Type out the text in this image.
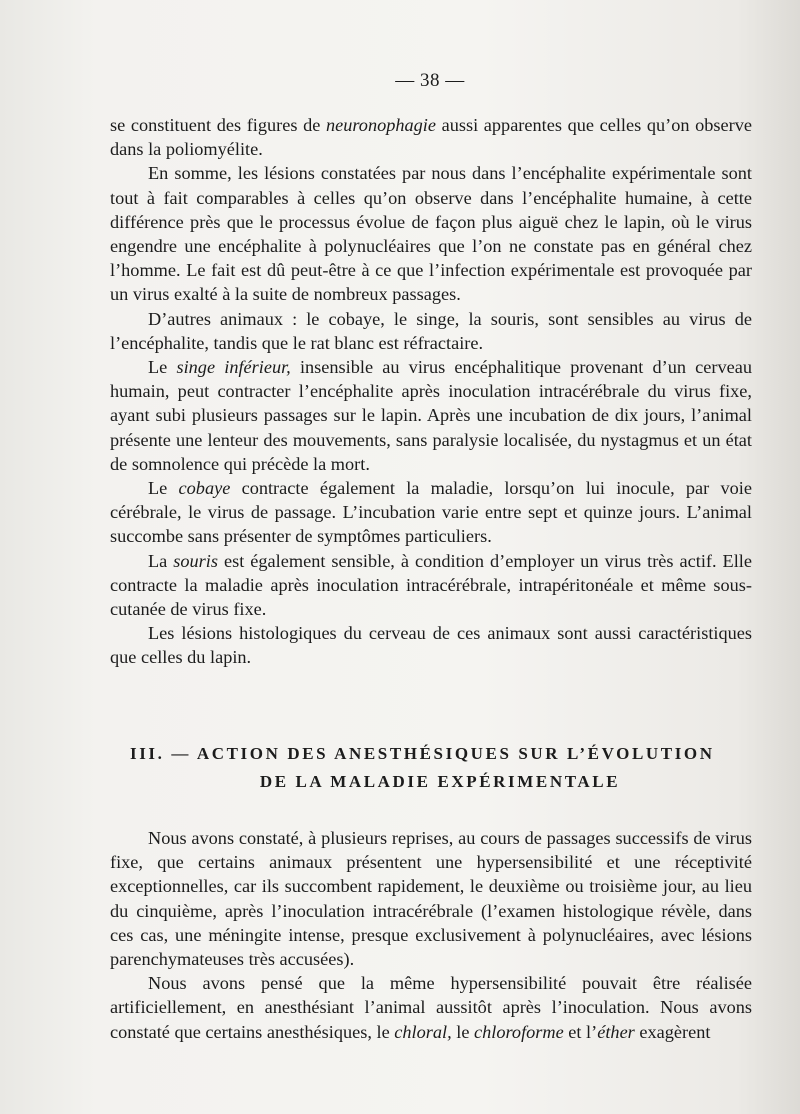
— 38 —

se constituent des figures de neuronophagie aussi apparentes que celles qu’on observe dans la poliomyélite.

En somme, les lésions constatées par nous dans l’encéphalite expérimentale sont tout à fait comparables à celles qu’on observe dans l’encéphalite humaine, à cette différence près que le processus évolue de façon plus aiguë chez le lapin, où le virus engendre une encéphalite à polynucléaires que l’on ne constate pas en général chez l’homme. Le fait est dû peut-être à ce que l’infection expérimentale est provoquée par un virus exalté à la suite de nombreux passages.

D’autres animaux : le cobaye, le singe, la souris, sont sensibles au virus de l’encéphalite, tandis que le rat blanc est réfractaire.

Le singe inférieur, insensible au virus encéphalitique provenant d’un cerveau humain, peut contracter l’encéphalite après inoculation intracérébrale du virus fixe, ayant subi plusieurs passages sur le lapin. Après une incubation de dix jours, l’animal présente une lenteur des mouvements, sans paralysie localisée, du nystagmus et un état de somnolence qui précède la mort.

Le cobaye contracte également la maladie, lorsqu’on lui inocule, par voie cérébrale, le virus de passage. L’incubation varie entre sept et quinze jours. L’animal succombe sans présenter de symptômes particuliers.

La souris est également sensible, à condition d’employer un virus très actif. Elle contracte la maladie après inoculation intracérébrale, intrapéritonéale et même sous-cutanée de virus fixe.

Les lésions histologiques du cerveau de ces animaux sont aussi caractéristiques que celles du lapin.

III. — ACTION DES ANESTHÉSIQUES SUR L’ÉVOLUTION
DE LA MALADIE EXPÉRIMENTALE

Nous avons constaté, à plusieurs reprises, au cours de passages successifs de virus fixe, que certains animaux présentent une hypersensibilité et une réceptivité exceptionnelles, car ils succombent rapidement, le deuxième ou troisième jour, au lieu du cinquième, après l’inoculation intracérébrale (l’examen histologique révèle, dans ces cas, une méningite intense, presque exclusivement à polynucléaires, avec lésions parenchymateuses très accusées).

Nous avons pensé que la même hypersensibilité pouvait être réalisée artificiellement, en anesthésiant l’animal aussitôt après l’inoculation. Nous avons constaté que certains anesthésiques, le chloral, le chloroforme et l’éther exagèrent
